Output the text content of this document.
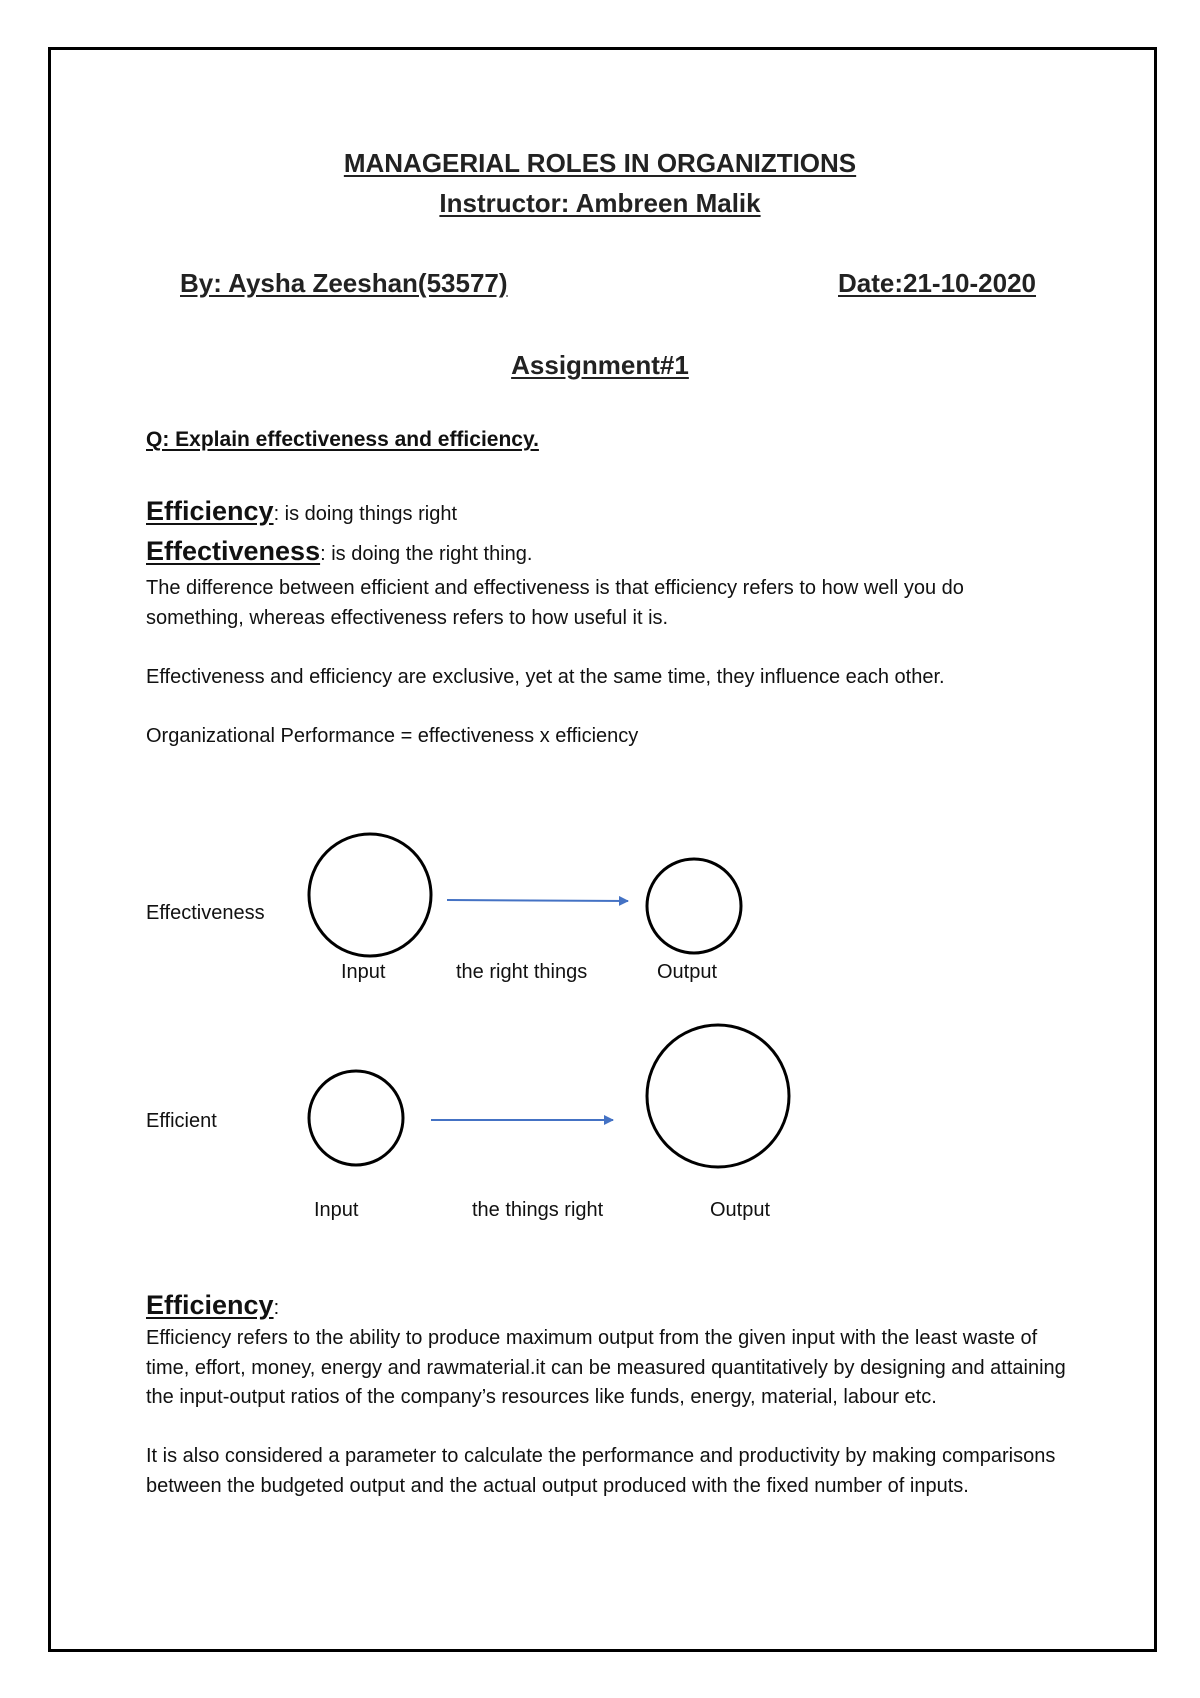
MANAGERIAL ROLES IN ORGANIZTIONS
Instructor: Ambreen Malik
By: Aysha Zeeshan(53577)	Date:21-10-2020
Assignment#1
Q: Explain effectiveness and efficiency.
Efficiency: is doing things right
Effectiveness: is doing the right thing.
The difference between efficient and effectiveness is that efficiency refers to how well you do something, whereas effectiveness refers to how useful it is.
Effectiveness and efficiency are exclusive, yet at the same time, they influence each other.
Organizational Performance = effectiveness x efficiency
Effectiveness
Input	the right things	Output
Efficient
Input	the things right	Output
Efficiency:
Efficiency refers to the ability to produce maximum output from the given input with the least waste of time, effort, money, energy and rawmaterial.it can be measured quantitatively by designing and attaining the input-output ratios of the company’s resources like funds, energy, material, labour etc.
It is also considered a parameter to calculate the performance and productivity by making comparisons between the budgeted output and the actual output produced with the fixed number of inputs.
